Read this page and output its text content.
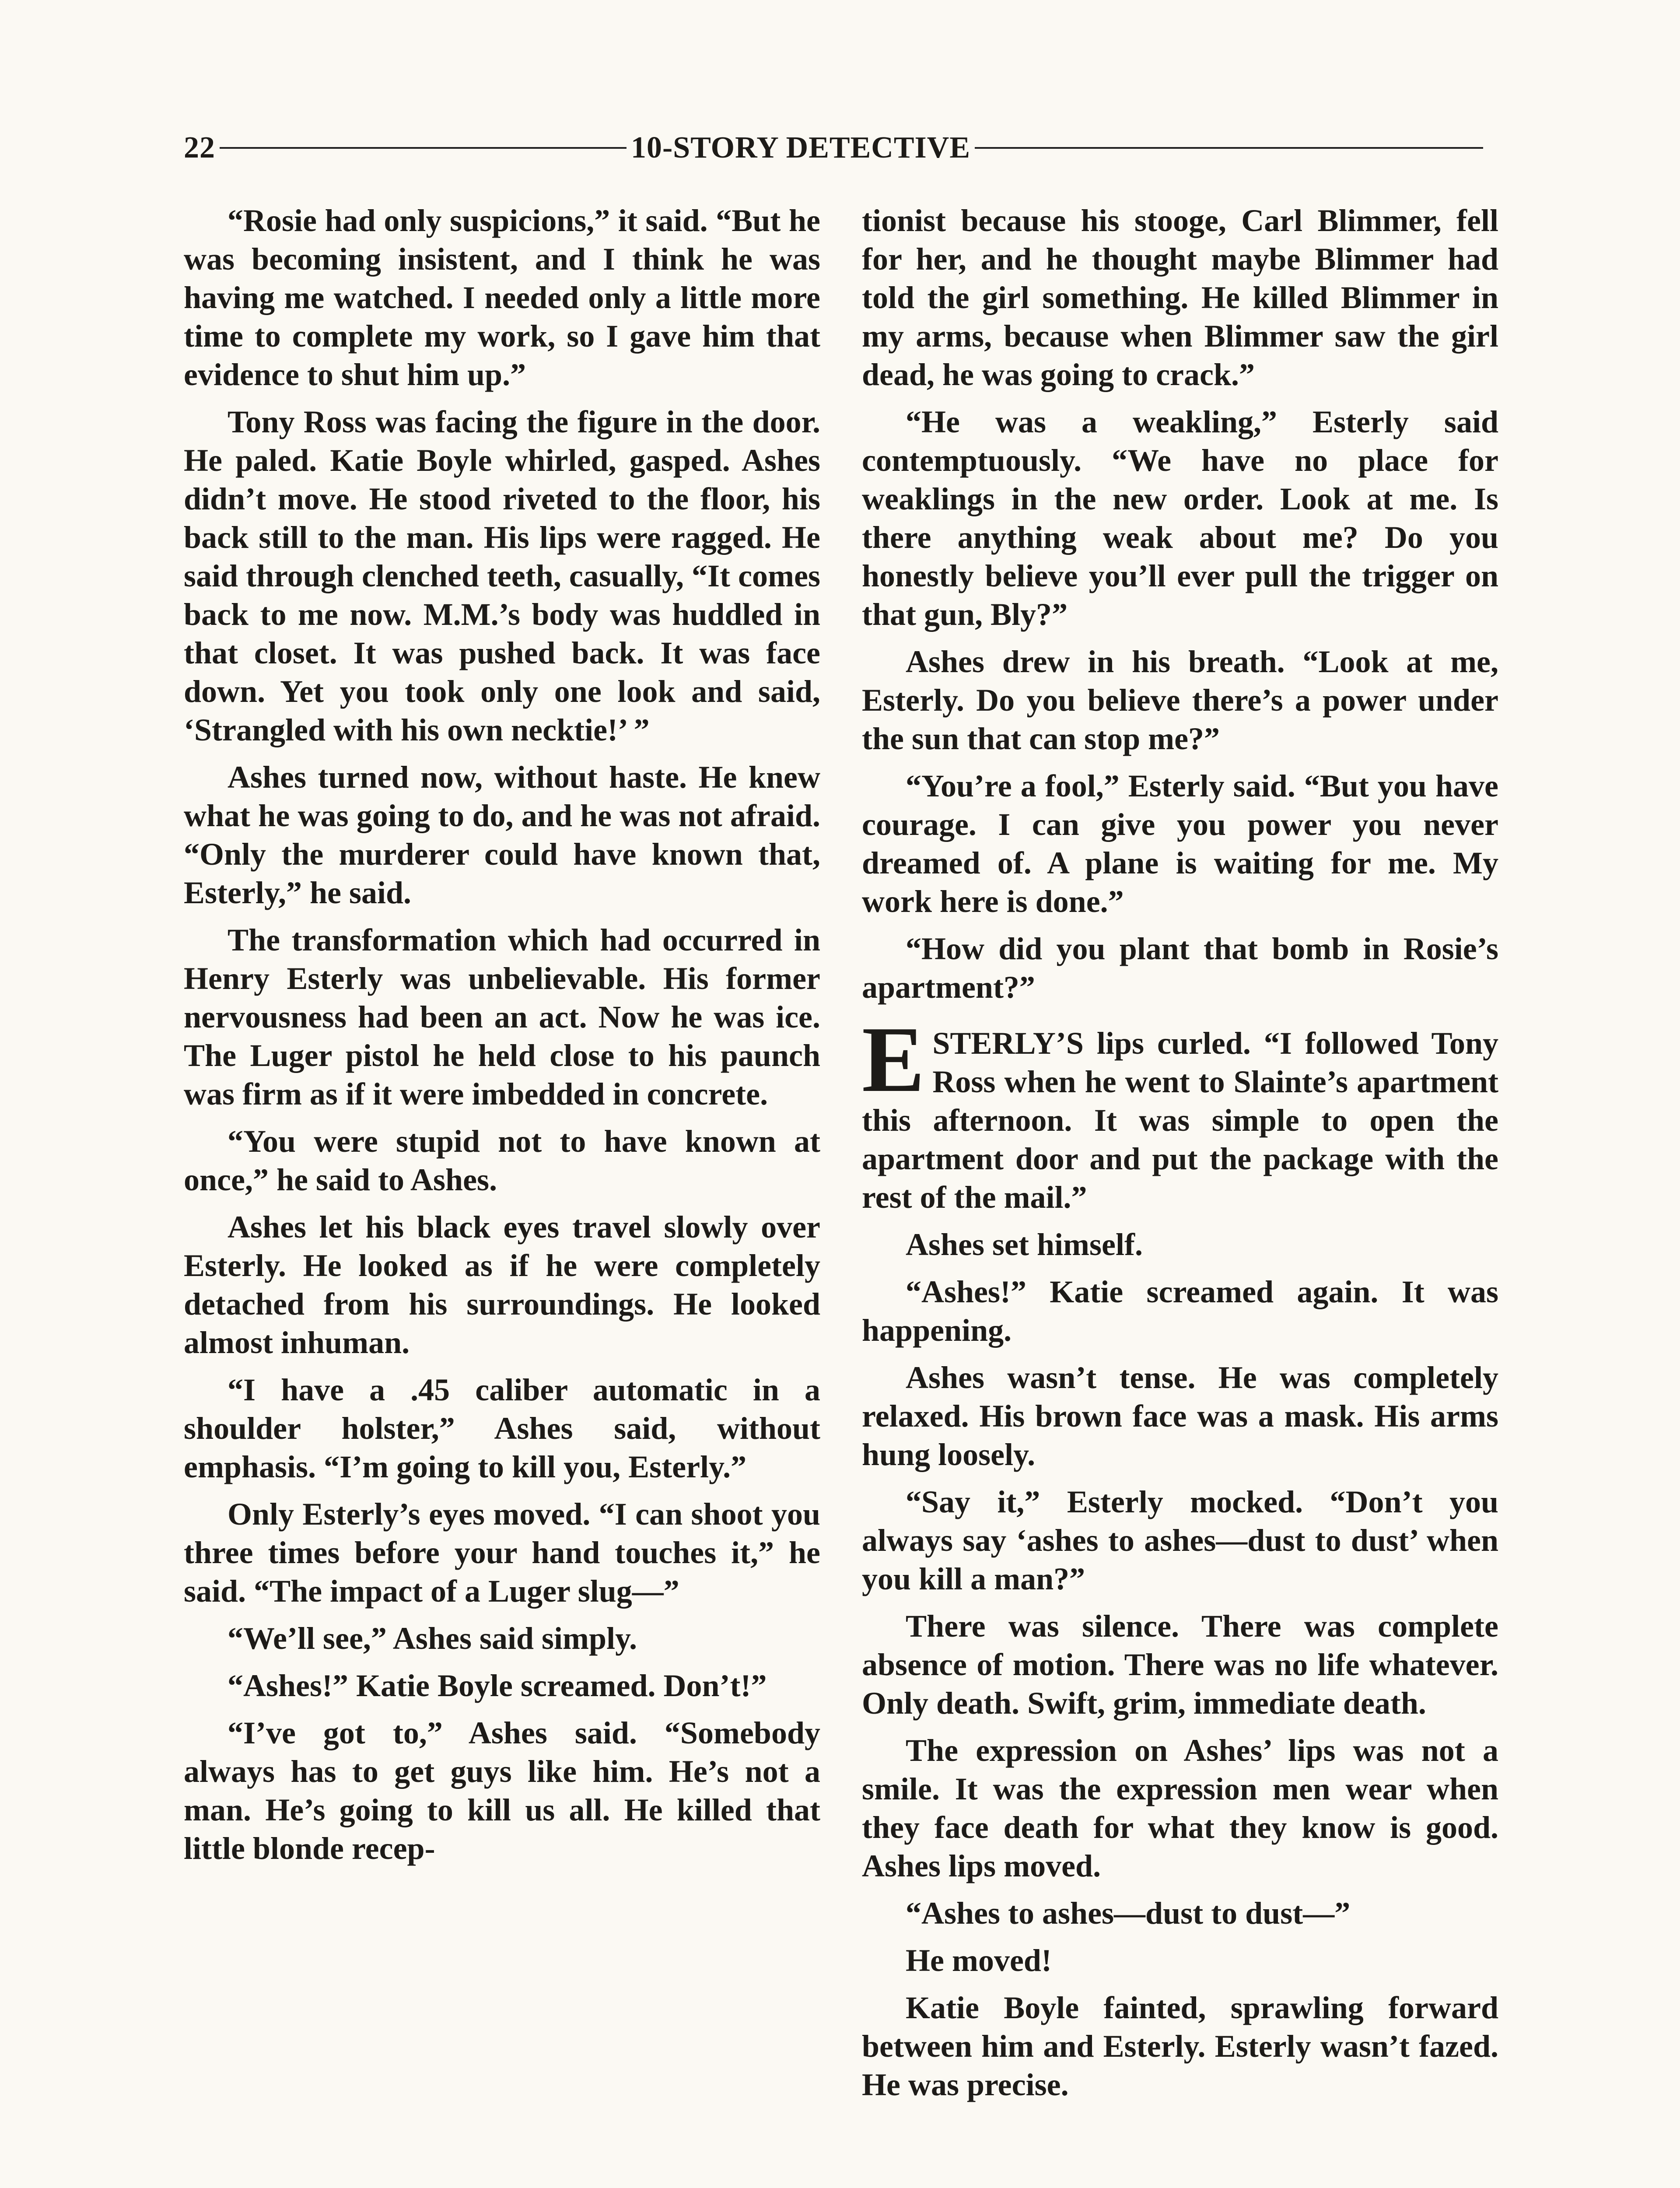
22	10-STORY DETECTIVE

“Rosie had only suspicions,” it said. “But he was becoming insistent, and I think he was having me watched. I needed only a little more time to complete my work, so I gave him that evidence to shut him up.”

Tony Ross was facing the figure in the door. He paled. Katie Boyle whirled, gasped. Ashes didn’t move. He stood riveted to the floor, his back still to the man. His lips were ragged. He said through clenched teeth, casually, “It comes back to me now. M.M.’s body was huddled in that closet. It was pushed back. It was face down. Yet you took only one look and said, ‘Strangled with his own necktie!’ ”

Ashes turned now, without haste. He knew what he was going to do, and he was not afraid. “Only the murderer could have known that, Esterly,” he said.

The transformation which had occurred in Henry Esterly was unbelievable. His former nervousness had been an act. Now he was ice. The Luger pistol he held close to his paunch was firm as if it were imbedded in concrete.

“You were stupid not to have known at once,” he said to Ashes.

Ashes let his black eyes travel slowly over Esterly. He looked as if he were completely detached from his surroundings. He looked almost inhuman.

“I have a .45 caliber automatic in a shoulder holster,” Ashes said, without emphasis. “I’m going to kill you, Esterly.”

Only Esterly’s eyes moved. “I can shoot you three times before your hand touches it,” he said. “The impact of a Luger slug—”

“We’ll see,” Ashes said simply.

“Ashes!” Katie Boyle screamed. Don’t!”

“I’ve got to,” Ashes said. “Somebody always has to get guys like him. He’s not a man. He’s going to kill us all. He killed that little blonde recep-

tionist because his stooge, Carl Blimmer, fell for her, and he thought maybe Blimmer had told the girl something. He killed Blimmer in my arms, because when Blimmer saw the girl dead, he was going to crack.”

“He was a weakling,” Esterly said contemptuously. “We have no place for weaklings in the new order. Look at me. Is there anything weak about me? Do you honestly believe you’ll ever pull the trigger on that gun, Bly?”

Ashes drew in his breath. “Look at me, Esterly. Do you believe there’s a power under the sun that can stop me?”

“You’re a fool,” Esterly said. “But you have courage. I can give you power you never dreamed of. A plane is waiting for me. My work here is done.”

“How did you plant that bomb in Rosie’s apartment?”

ESTERLY’S lips curled. “I followed Tony Ross when he went to Slainte’s apartment this afternoon. It was simple to open the apartment door and put the package with the rest of the mail.”

Ashes set himself.

“Ashes!” Katie screamed again. It was happening.

Ashes wasn’t tense. He was completely relaxed. His brown face was a mask. His arms hung loosely.

“Say it,” Esterly mocked. “Don’t you always say ‘ashes to ashes—dust to dust’ when you kill a man?”

There was silence. There was complete absence of motion. There was no life whatever. Only death. Swift, grim, immediate death.

The expression on Ashes’ lips was not a smile. It was the expression men wear when they face death for what they know is good. Ashes lips moved.

“Ashes to ashes—dust to dust—”

He moved!

Katie Boyle fainted, sprawling forward between him and Esterly. Esterly wasn’t fazed. He was precise.
